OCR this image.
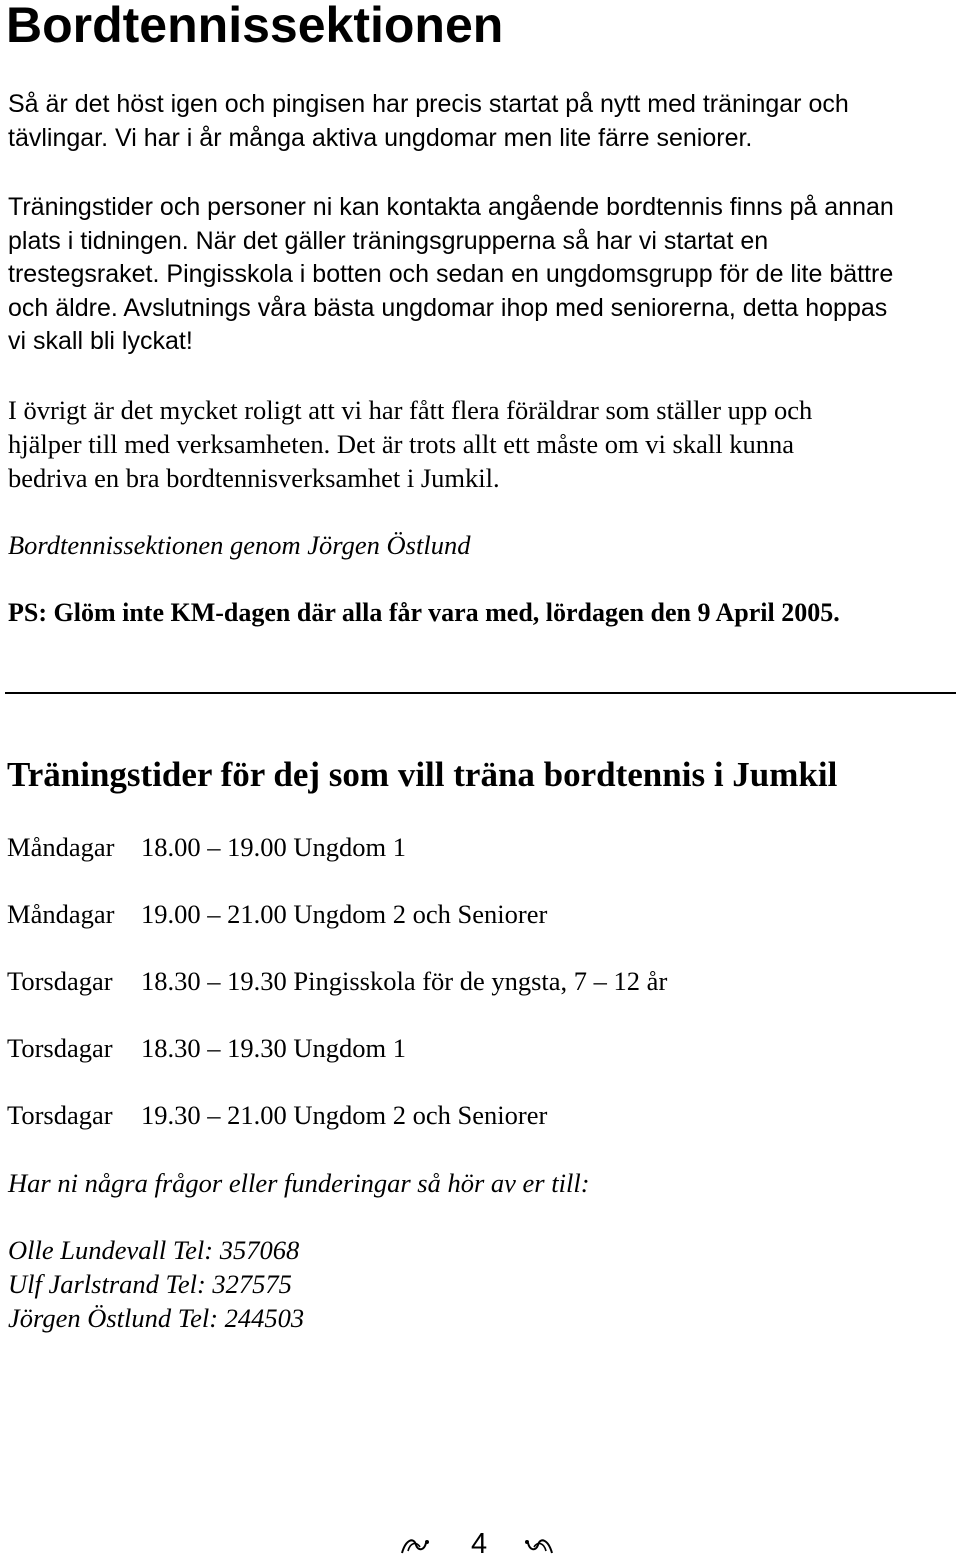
Bordtennissektionen
Så är det höst igen och pingisen har precis startat på nytt med träningar och
tävlingar. Vi har i år många aktiva ungdomar men lite färre seniorer.
Träningstider och personer ni kan kontakta angående bordtennis finns på annan
plats i tidningen. När det gäller träningsgrupperna så har vi startat en
trestegsraket. Pingisskola i botten och sedan en ungdomsgrupp för de lite bättre
och äldre. Avslutnings våra bästa ungdomar ihop med seniorerna, detta hoppas
vi skall bli lyckat!
I övrigt är det mycket roligt att vi har fått flera föräldrar som ställer upp och
hjälper till med verksamheten. Det är trots allt ett måste om vi skall kunna
bedriva en bra bordtennisverksamhet i Jumkil.
Bordtennissektionen genom Jörgen Östlund
PS: Glöm inte KM-dagen där alla får vara med, lördagen den 9 April 2005.
Träningstider för dej som vill träna bordtennis i Jumkil
Måndagar 18.00 – 19.00 Ungdom 1
Måndagar 19.00 – 21.00 Ungdom 2 och Seniorer
Torsdagar 18.30 – 19.30 Pingisskola för de yngsta, 7 – 12 år
Torsdagar 18.30 – 19.30 Ungdom 1
Torsdagar 19.30 – 21.00 Ungdom 2 och Seniorer
Har ni några frågor eller funderingar så hör av er till:
Olle Lundevall Tel: 357068
Ulf Jarlstrand Tel: 327575
Jörgen Östlund Tel: 244503
4
